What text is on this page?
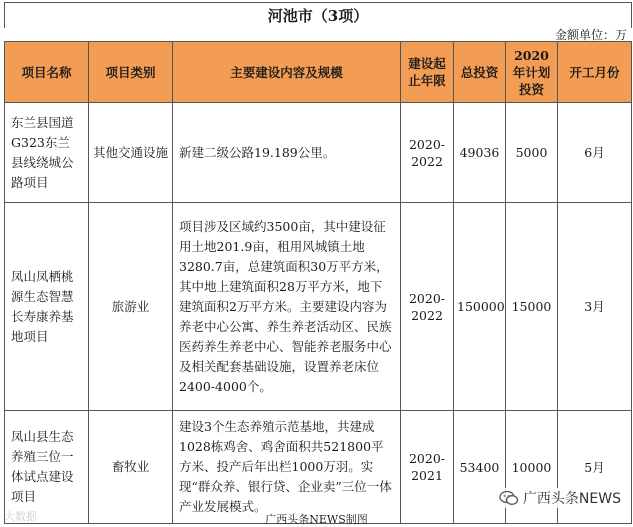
河池市（3项）
金额单位：万
项目名称	项目类别	主要建设内容及规模	建设起止年限	总投资	2020年计划投资	开工月份
东兰县国道G323东兰县线绕城公路项目	其他交通设施	新建二级公路19.189公里。	2020-2022	49036	5000	6月
凤山凤栖桃源生态智慧长寿康养基地项目	旅游业	项目涉及区域约3500亩，其中建设征用土地201.9亩，租用风城镇土地3280.7亩，总建筑面积30万平方米，其中地上建筑面积28万平方米，地下建筑面积2万平方米。主要建设内容为养老中心公寓、养生养老活动区、民族医药养生养老中心、智能养老服务中心及相关配套基础设施，设置养老床位2400-4000个。	2020-2022	150000	15000	3月
凤山县生态养殖三位一体试点建设项目	畜牧业	建设3个生态养殖示范基地，共建成1028栋鸡舍、鸡舍面积共521800平方米、投产后年出栏1000万羽。实现“群众养、银行贷、企业卖”三位一体产业发展模式。	2020-2021	53400	10000	5月
大数据
广西头条NEWS
广西头条NEWS制图
